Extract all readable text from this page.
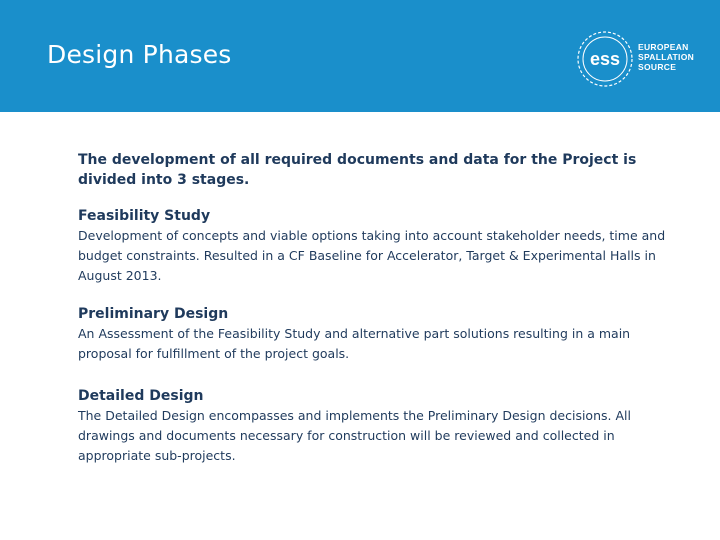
Design Phases	ess
EUROPEAN
SPALLATION
SOURCE

The development of all required documents and data for the Project is divided into 3 stages.

Feasibility Study

Development of concepts and viable options taking into account stakeholder needs, time and budget constraints. Resulted in a CF Baseline for Accelerator, Target & Experimental Halls in August 2013.

Preliminary Design

An Assessment of the Feasibility Study and alternative part solutions resulting in a main proposal for fulfillment of the project goals.

Detailed Design

The Detailed Design encompasses and implements the Preliminary Design decisions. All drawings and documents necessary for construction will be reviewed and collected in appropriate sub-projects.
